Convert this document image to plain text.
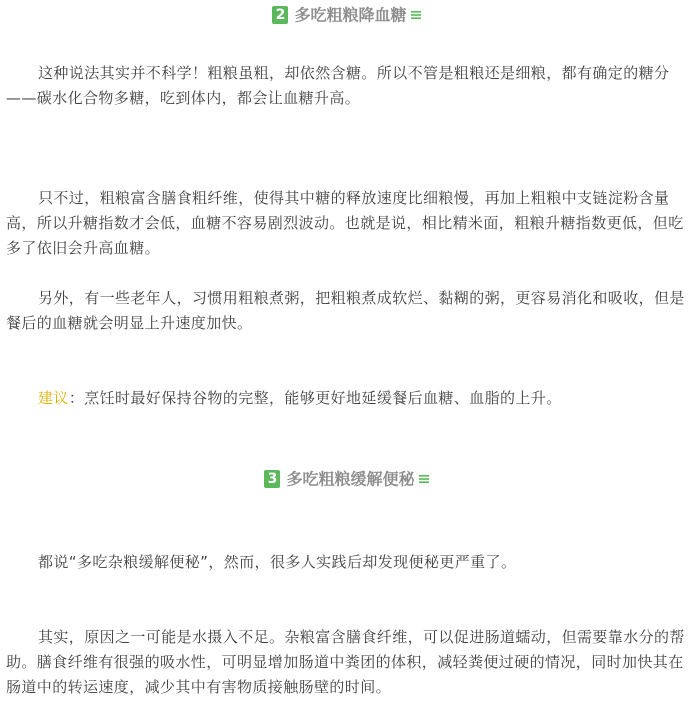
2 多吃粗粮降血糖

这种说法其实并不科学！粗粮虽粗，却依然含糖。所以不管是粗粮还是细粮，都有确定的糖分——碳水化合物多糖，吃到体内，都会让血糖升高。

只不过，粗粮富含膳食粗纤维，使得其中糖的释放速度比细粮慢，再加上粗粮中支链淀粉含量高，所以升糖指数才会低，血糖不容易剧烈波动。也就是说，相比精米面，粗粮升糖指数更低，但吃多了依旧会升高血糖。

另外，有一些老年人，习惯用粗粮煮粥，把粗粮煮成软烂、黏糊的粥，更容易消化和吸收，但是餐后的血糖就会明显上升速度加快。

建议：烹饪时最好保持谷物的完整，能够更好地延缓餐后血糖、血脂的上升。

3 多吃粗粮缓解便秘

都说“多吃杂粮缓解便秘”，然而，很多人实践后却发现便秘更严重了。

其实，原因之一可能是水摄入不足。杂粮富含膳食纤维，可以促进肠道蠕动，但需要靠水分的帮助。膳食纤维有很强的吸水性，可明显增加肠道中粪团的体积，减轻粪便过硬的情况，同时加快其在肠道中的转运速度，减少其中有害物质接触肠壁的时间。
